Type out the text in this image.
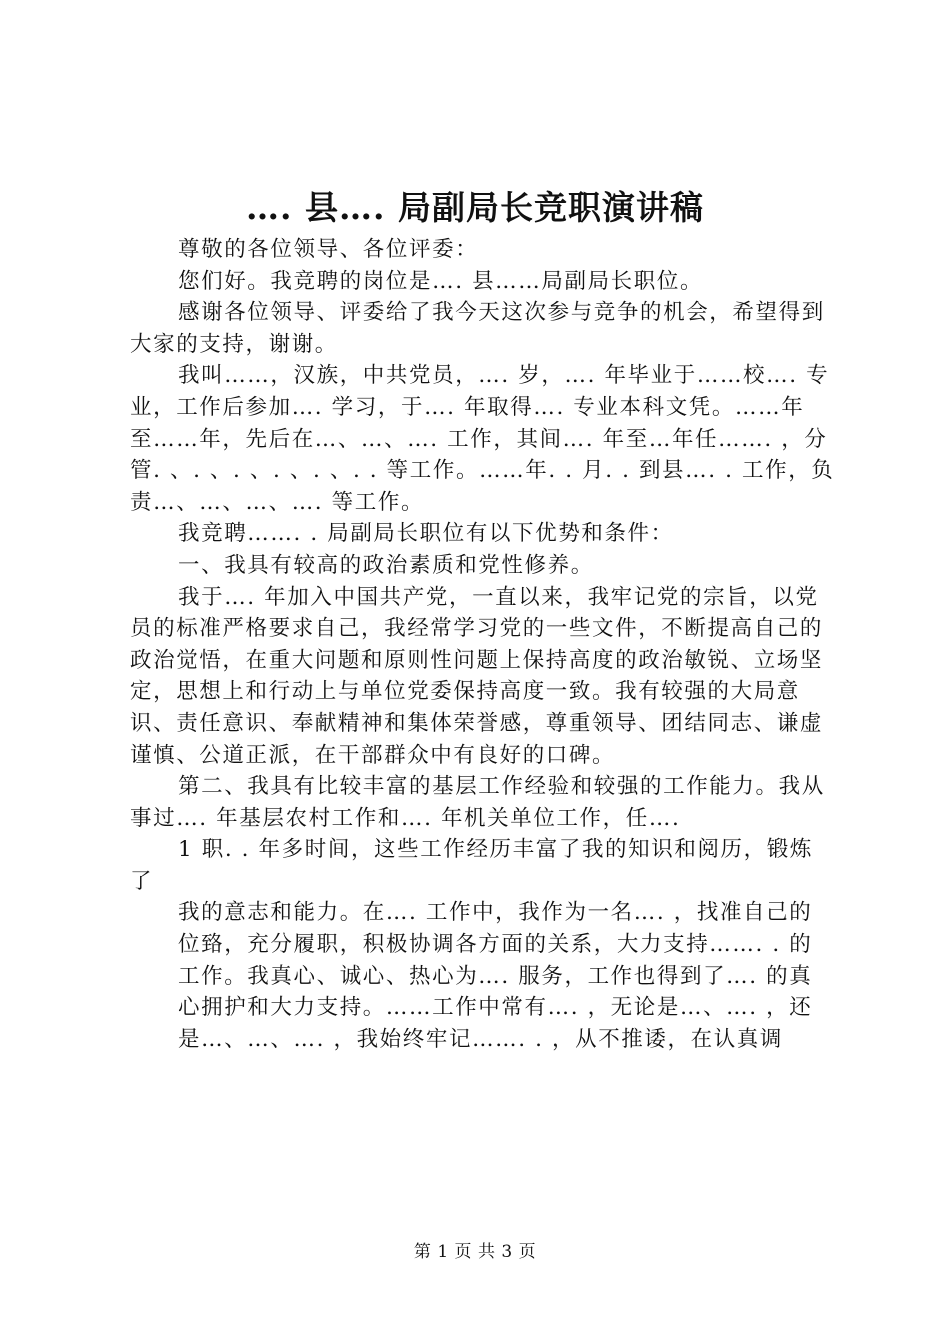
…. 县…. 局副局长竞职演讲稿

尊敬的各位领导、各位评委：

您们好。我竞聘的岗位是…. 县……局副局长职位。

感谢各位领导、评委给了我今天这次参与竞争的机会，希望得到大家的支持，谢谢。

我叫……，汉族，中共党员，…. 岁，…. 年毕业于……校…. 专业，工作后参加…. 学习，于…. 年取得…. 专业本科文凭。……年至……年，先后在…、…、…. 工作，其间…. 年至…年任……. ，分管. 、. 、. 、. 、. 、. . 等工作。……年. . 月. . 到县…. . 工作，负责…、…、…、…. 等工作。

我竞聘……. . 局副局长职位有以下优势和条件：

一、我具有较高的政治素质和党性修养。

我于…. 年加入中国共产党，一直以来，我牢记党的宗旨，以党员的标准严格要求自己，我经常学习党的一些文件，不断提高自己的政治觉悟，在重大问题和原则性问题上保持高度的政治敏锐、立场坚定，思想上和行动上与单位党委保持高度一致。我有较强的大局意识、责任意识、奉献精神和集体荣誉感，尊重领导、团结同志、谦虚谨慎、公道正派，在干部群众中有良好的口碑。

第二、我具有比较丰富的基层工作经验和较强的工作能力。我从事过…. 年基层农村工作和…. 年机关单位工作，任….

1 职. . 年多时间，这些工作经历丰富了我的知识和阅历，锻炼了

我的意志和能力。在…. 工作中，我作为一名…. ，找准自己的

位臵，充分履职，积极协调各方面的关系，大力支持……. . 的

工作。我真心、诚心、热心为…. 服务，工作也得到了…. 的真

心拥护和大力支持。……工作中常有…. ，无论是…、…. ，还

是…、…、…. ，我始终牢记……. . ，从不推诿，在认真调

第 1 页 共 3 页
